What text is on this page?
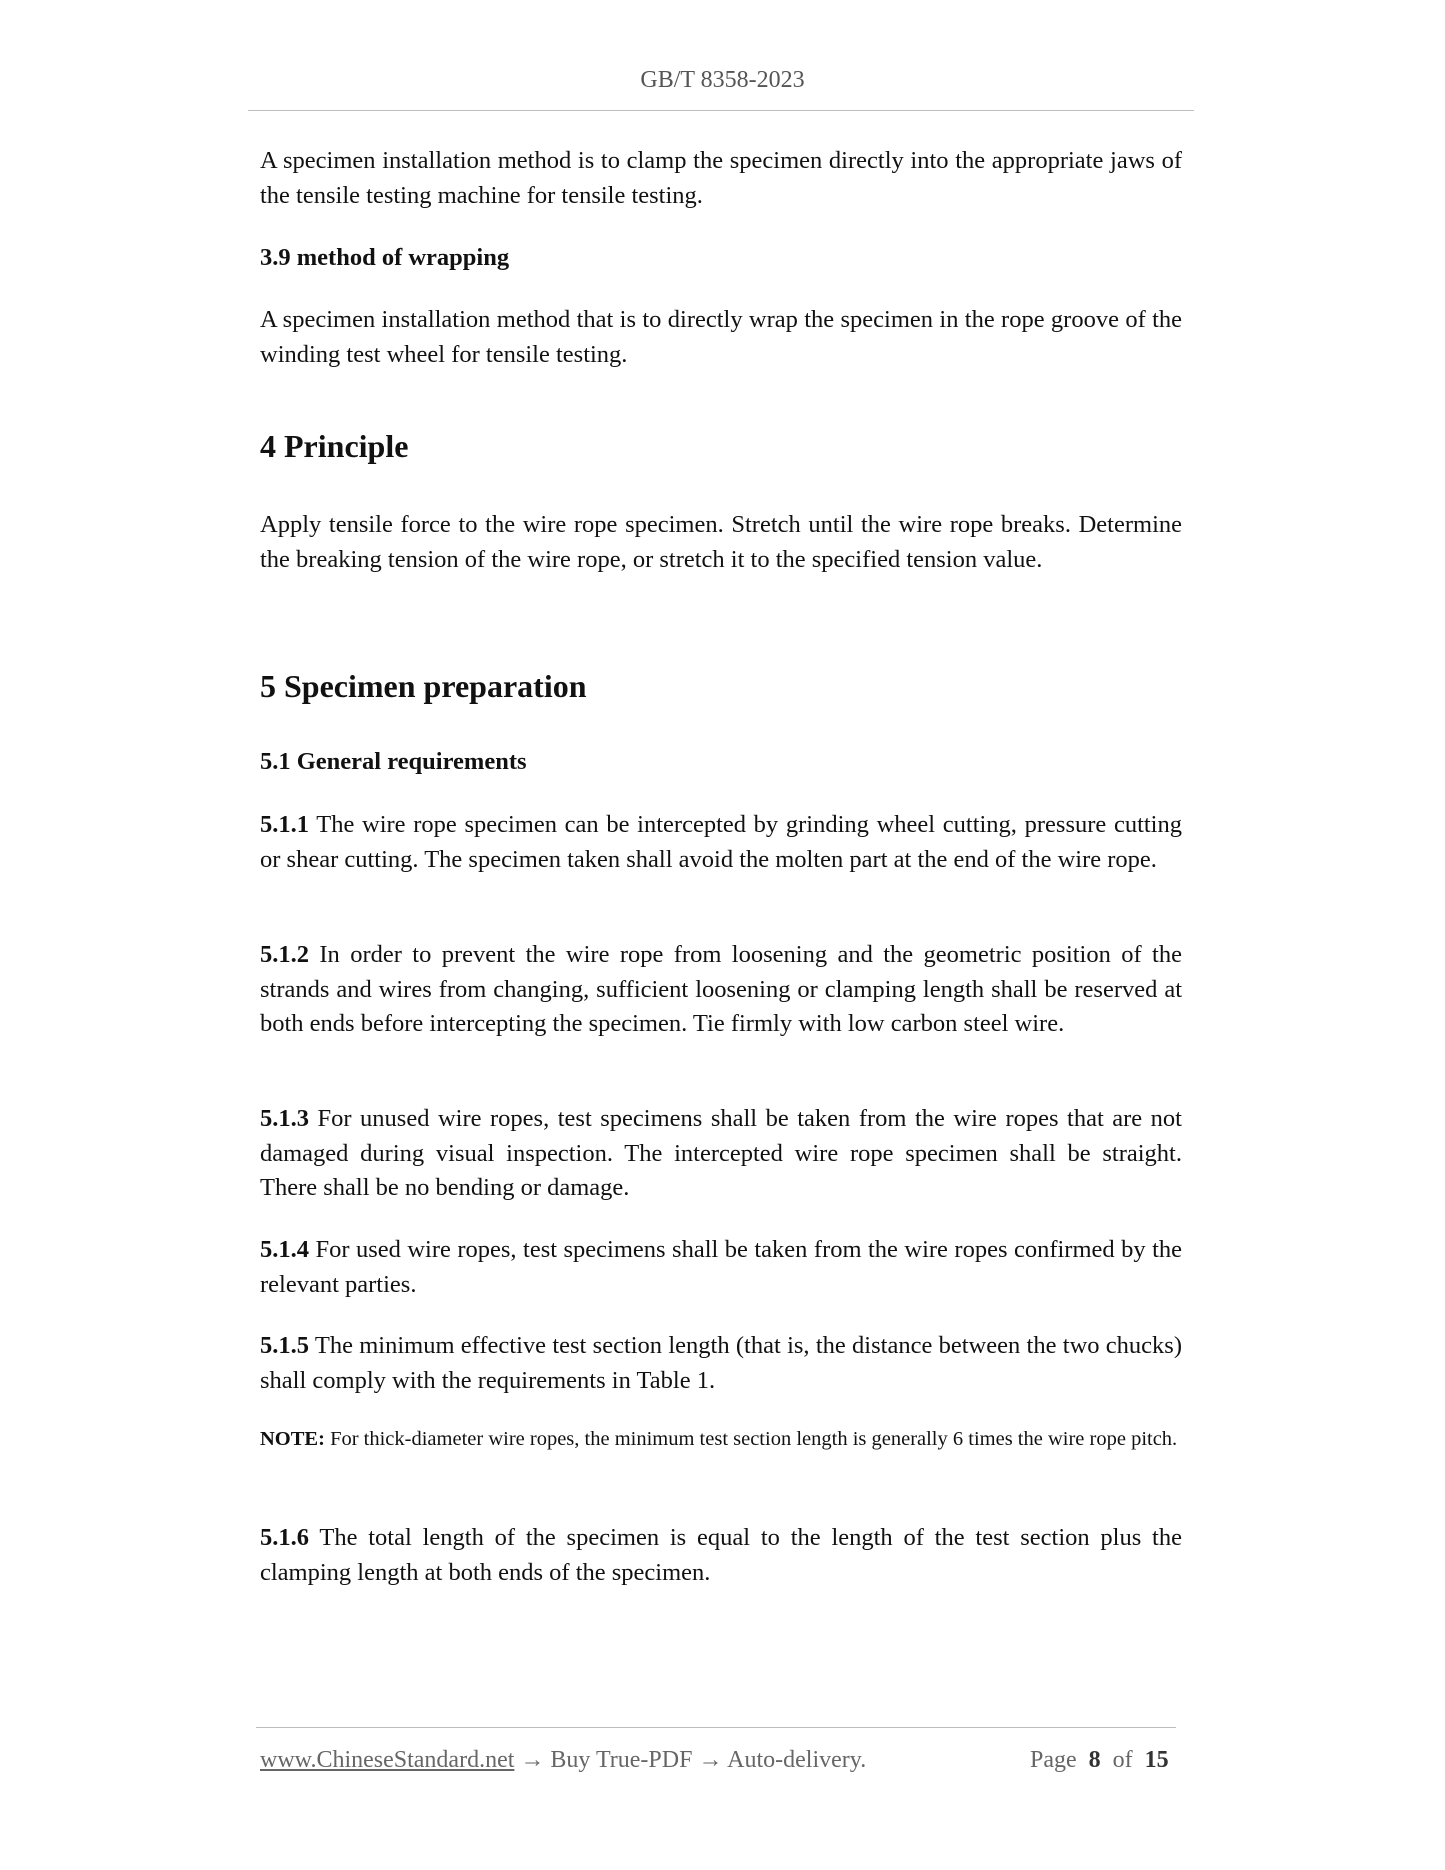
GB/T 8358-2023

A specimen installation method is to clamp the specimen directly into the appropriate jaws of the tensile testing machine for tensile testing.

3.9 method of wrapping

A specimen installation method that is to directly wrap the specimen in the rope groove of the winding test wheel for tensile testing.

4 Principle

Apply tensile force to the wire rope specimen. Stretch until the wire rope breaks. Determine the breaking tension of the wire rope, or stretch it to the specified tension value.

5 Specimen preparation

5.1 General requirements

5.1.1 The wire rope specimen can be intercepted by grinding wheel cutting, pressure cutting or shear cutting. The specimen taken shall avoid the molten part at the end of the wire rope.

5.1.2 In order to prevent the wire rope from loosening and the geometric position of the strands and wires from changing, sufficient loosening or clamping length shall be reserved at both ends before intercepting the specimen. Tie firmly with low carbon steel wire.

5.1.3 For unused wire ropes, test specimens shall be taken from the wire ropes that are not damaged during visual inspection. The intercepted wire rope specimen shall be straight. There shall be no bending or damage.

5.1.4 For used wire ropes, test specimens shall be taken from the wire ropes confirmed by the relevant parties.

5.1.5 The minimum effective test section length (that is, the distance between the two chucks) shall comply with the requirements in Table 1.

NOTE: For thick-diameter wire ropes, the minimum test section length is generally 6 times the wire rope pitch.

5.1.6 The total length of the specimen is equal to the length of the test section plus the clamping length at both ends of the specimen.

www.ChineseStandard.net → Buy True-PDF → Auto-delivery.	Page 8 of 15
